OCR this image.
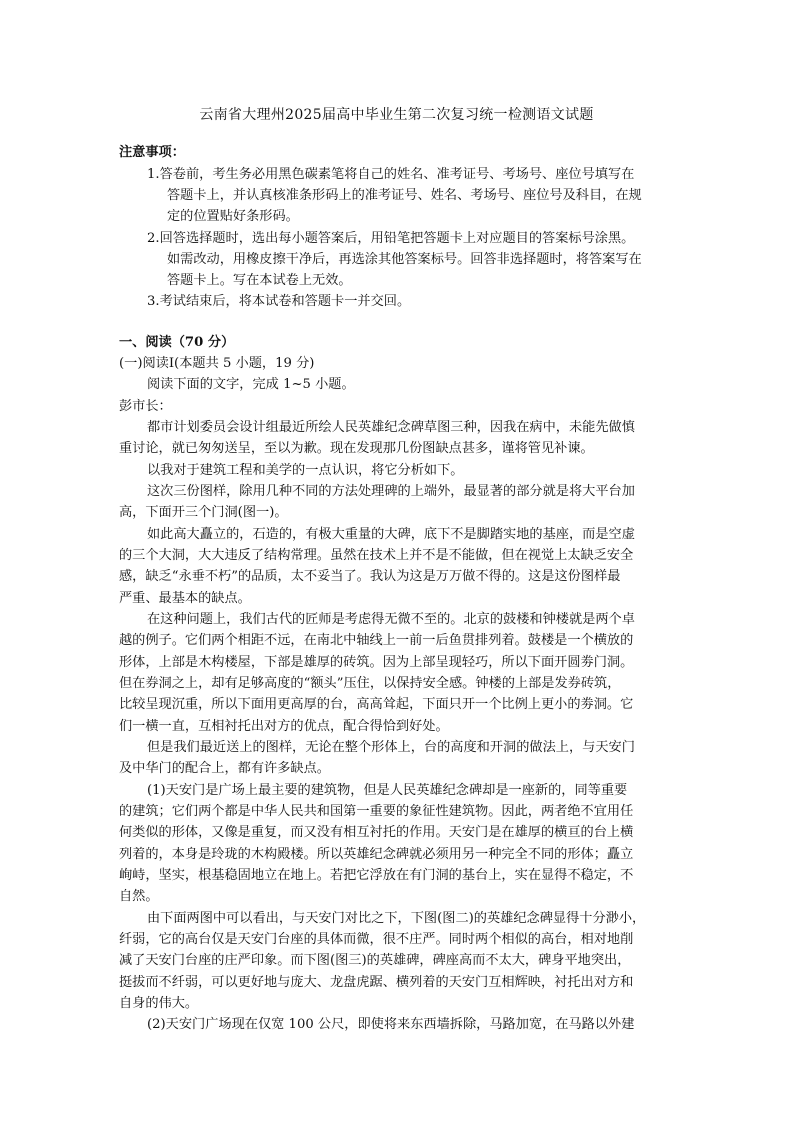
云南省大理州2025届高中毕业生第二次复习统一检测语文试题
注意事项：
1.答卷前，考生务必用黑色碳素笔将自己的姓名、准考证号、考场号、座位号填写在
答题卡上，并认真核准条形码上的准考证号、姓名、考场号、座位号及科目，在规
定的位置贴好条形码。
2.回答选择题时，选出每小题答案后，用铅笔把答题卡上对应题目的答案标号涂黑。
如需改动，用橡皮擦干净后，再选涂其他答案标号。回答非选择题时，将答案写在
答题卡上。写在本试卷上无效。
3.考试结束后，将本试卷和答题卡一并交回。
一、阅读（70 分）
(一)阅读Ⅰ(本题共 5 小题，19 分)
阅读下面的文字，完成 1~5 小题。
彭市长：
都市计划委员会设计组最近所绘人民英雄纪念碑草图三种，因我在病中，未能先做慎
重讨论，就已匆匆送呈，至以为歉。现在发现那几份图缺点甚多，谨将管见补谏。
以我对于建筑工程和美学的一点认识，将它分析如下。
这次三份图样，除用几种不同的方法处理碑的上端外，最显著的部分就是将大平台加
高，下面开三个门洞(图一)。
如此高大矗立的，石造的，有极大重量的大碑，底下不是脚踏实地的基座，而是空虚
的三个大洞，大大违反了结构常理。虽然在技术上并不是不能做，但在视觉上太缺乏安全
感，缺乏“永垂不朽”的品质，太不妥当了。我认为这是万万做不得的。这是这份图样最
严重、最基本的缺点。
在这种问题上，我们古代的匠师是考虑得无微不至的。北京的鼓楼和钟楼就是两个卓
越的例子。它们两个相距不远，在南北中轴线上一前一后鱼贯排列着。鼓楼是一个横放的
形体，上部是木构楼屋，下部是雄厚的砖筑。因为上部呈现轻巧，所以下面开圆劵门洞。
但在券洞之上，却有足够高度的“额头”压住，以保持安全感。钟楼的上部是发券砖筑，
比较呈现沉重，所以下面用更高厚的台，高高耸起，下面只开一个比例上更小的劵洞。它
们一横一直，互相衬托出对方的优点，配合得恰到好处。
但是我们最近送上的图样，无论在整个形体上，台的高度和开洞的做法上，与天安门
及中华门的配合上，都有许多缺点。
(1)天安门是广场上最主要的建筑物，但是人民英雄纪念碑却是一座新的，同等重要
的建筑；它们两个都是中华人民共和国第一重要的象征性建筑物。因此，两者绝不宜用任
何类似的形体，又像是重复，而又没有相互衬托的作用。天安门是在雄厚的横亘的台上横
列着的，本身是玲珑的木构殿楼。所以英雄纪念碑就必须用另一种完全不同的形体；矗立
峋峙，坚实，根基稳固地立在地上。若把它浮放在有门洞的基台上，实在显得不稳定，不
自然。
由下面两图中可以看出，与天安门对比之下，下图(图二)的英雄纪念碑显得十分渺小，
纤弱，它的高台仅是天安门台座的具体而微，很不庄严。同时两个相似的高台，相对地削
减了天安门台座的庄严印象。而下图(图三)的英雄碑，碑座高而不太大，碑身平地突出，
挺拔而不纤弱，可以更好地与庞大、龙盘虎踞、横列着的天安门互相辉映，衬托出对方和
自身的伟大。
(2)天安门广场现在仅宽 100 公尺，即使将来东西墙拆除，马路加宽，在马路以外建
